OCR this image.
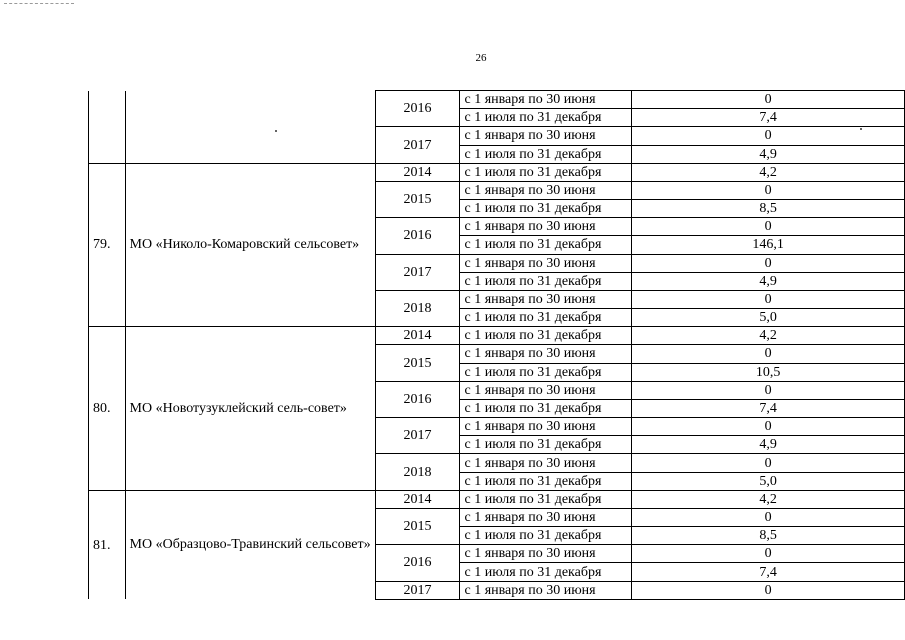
26
		2016	с 1 января по 30 июня	0
			с 1 июля по 31 декабря	7,4
		2017	с 1 января по 30 июня	0
			с 1 июля по 31 декабря	4,9
79.	МО «Николо-Комаровский сельсовет»	2014	с 1 июля по 31 декабря	4,2
		2015	с 1 января по 30 июня	0
			с 1 июля по 31 декабря	8,5
		2016	с 1 января по 30 июня	0
			с 1 июля по 31 декабря	146,1
		2017	с 1 января по 30 июня	0
			с 1 июля по 31 декабря	4,9
		2018	с 1 января по 30 июня	0
			с 1 июля по 31 декабря	5,0
80.	МО «Новотузуклейский сель-совет»	2014	с 1 июля по 31 декабря	4,2
		2015	с 1 января по 30 июня	0
			с 1 июля по 31 декабря	10,5
		2016	с 1 января по 30 июня	0
			с 1 июля по 31 декабря	7,4
		2017	с 1 января по 30 июня	0
			с 1 июля по 31 декабря	4,9
		2018	с 1 января по 30 июня	0
			с 1 июля по 31 декабря	5,0
81.	МО «Образцово-Травинский сельсовет»	2014	с 1 июля по 31 декабря	4,2
		2015	с 1 января по 30 июня	0
			с 1 июля по 31 декабря	8,5
		2016	с 1 января по 30 июня	0
			с 1 июля по 31 декабря	7,4
		2017	с 1 января по 30 июня	0
